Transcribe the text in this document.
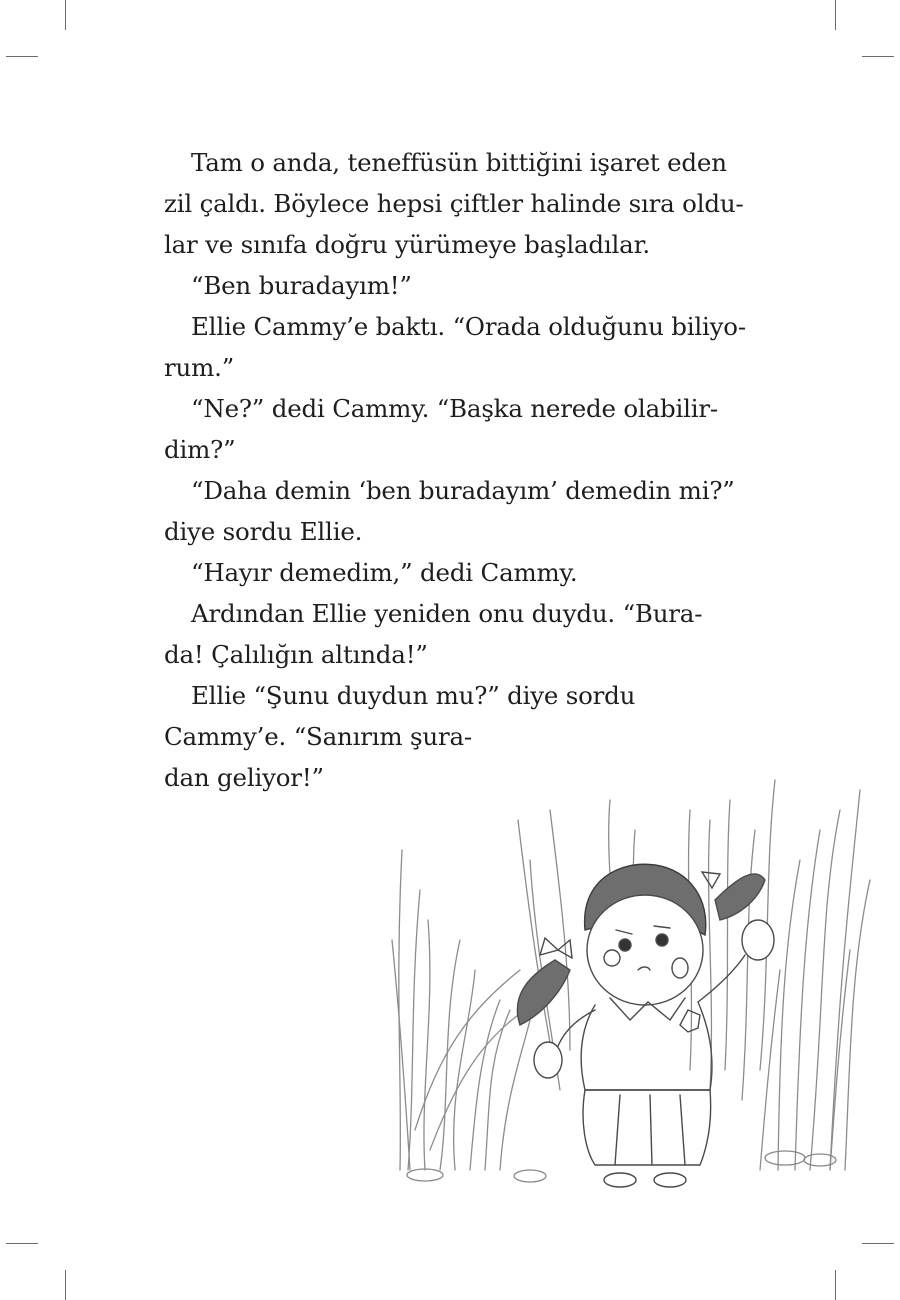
Tam o anda, teneffüsün bittiğini işaret eden
zil çaldı. Böylece hepsi çiftler halinde sıra oldu-
lar ve sınıfa doğru yürümeye başladılar.
“Ben buradayım!”
Ellie Cammy’e baktı. “Orada olduğunu biliyo-
rum.”
“Ne?” dedi Cammy. “Başka nerede olabilir-
dim?”
“Daha demin ‘ben buradayım’ demedin mi?”
diye sordu Ellie.
“Hayır demedim,” dedi Cammy.
Ardından Ellie yeniden onu duydu. “Bura-
da! Çalılığın altında!”
Ellie “Şunu duydun mu?” diye sordu
Cammy’e. “Sanırım şura-
dan geliyor!”
